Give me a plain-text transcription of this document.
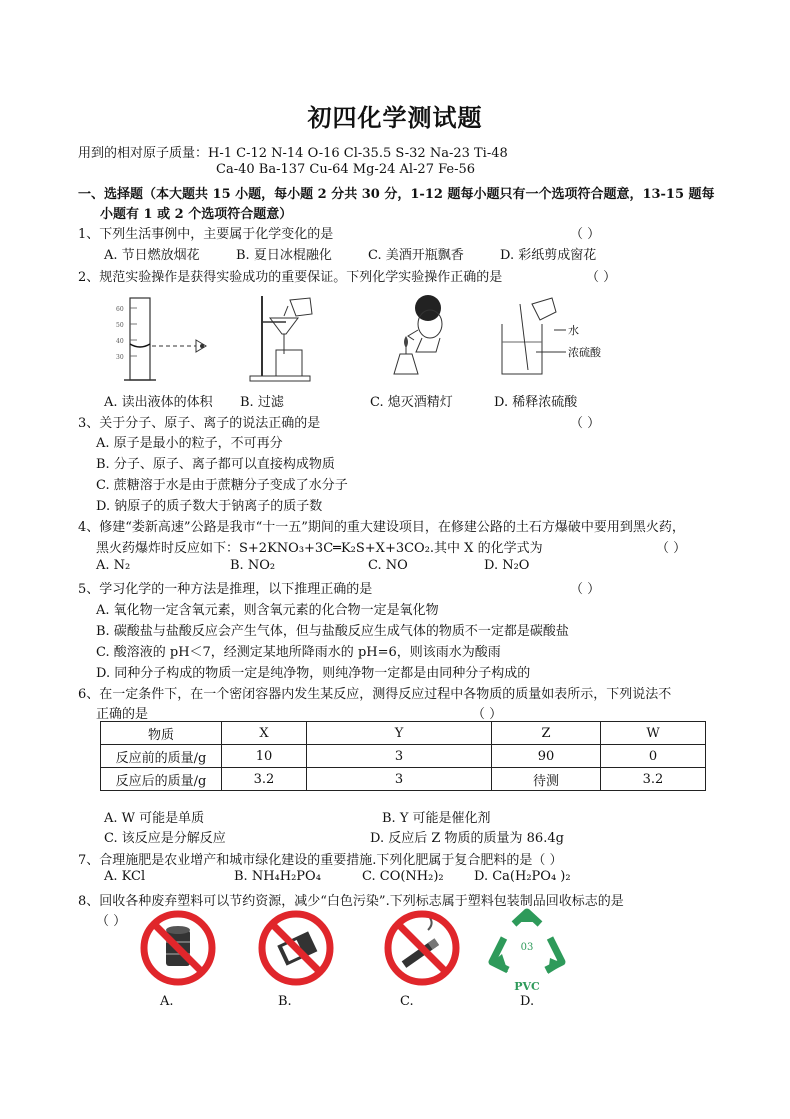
初四化学测试题
用到的相对原子质量：H-1 C-12 N-14 O-16 Cl-35.5 S-32 Na-23 Ti-48
Ca-40 Ba-137 Cu-64 Mg-24 Al-27 Fe-56
一、选择题（本大题共 15 小题，每小题 2 分共 30 分，1-12 题每小题只有一个选项符合题意，13-15 题每
小题有 1 或 2 个选项符合题意）
1、下列生活事例中，主要属于化学变化的是	（ ）
A. 节日燃放烟花	B. 夏日冰棍融化	C. 美酒开瓶飘香	D. 彩纸剪成窗花
2、规范实验操作是获得实验成功的重要保证。下列化学实验操作正确的是	（ ）
60
50
40
30
水
浓硫酸
A. 读出液体的体积 B. 过滤	C. 熄灭酒精灯	D. 稀释浓硫酸
3、关于分子、原子、离子的说法正确的是	（ ）
A. 原子是最小的粒子，不可再分
B. 分子、原子、离子都可以直接构成物质
C. 蔗糖溶于水是由于蔗糖分子变成了水分子
D. 钠原子的质子数大于钠离子的质子数
4、修建“娄新高速”公路是我市“十一五”期间的重大建设项目，在修建公路的土石方爆破中要用到黑火药，
黑火药爆炸时反应如下：S+2KNO₃+3C═K₂S+X+3CO₂.其中 X 的化学式为	（ ）
A. N₂	B. NO₂	C. NO	D. N₂O
5、学习化学的一种方法是推理，以下推理正确的是	（ ）
A. 氧化物一定含氧元素，则含氧元素的化合物一定是氧化物
B. 碳酸盐与盐酸反应会产生气体，但与盐酸反应生成气体的物质不一定都是碳酸盐
C. 酸溶液的 pH＜7，经测定某地所降雨水的 pH=6，则该雨水为酸雨
D. 同种分子构成的物质一定是纯净物，则纯净物一定都是由同种分子构成的
6、在一定条件下，在一个密闭容器内发生某反应，测得反应过程中各物质的质量如表所示，下列说法不
正确的是	（ ）
物质	X	Y	Z	W
反应前的质量/g	10	3	90	0
反应后的质量/g	3.2	3	待测	3.2
A. W 可能是单质	B. Y 可能是催化剂
C. 该反应是分解反应	D. 反应后 Z 物质的质量为 86.4g
7、合理施肥是农业增产和城市绿化建设的重要措施.下列化肥属于复合肥料的是（ ）
A. KCl	B. NH₄H₂PO₄	C. CO(NH₂)₂ D. Ca(H₂PO₄ )₂
8、回收各种废弃塑料可以节约资源，减少“白色污染”.下列标志属于塑料包装制品回收标志的是
（ ）
03
PVC
A.	B.	C.	D.
